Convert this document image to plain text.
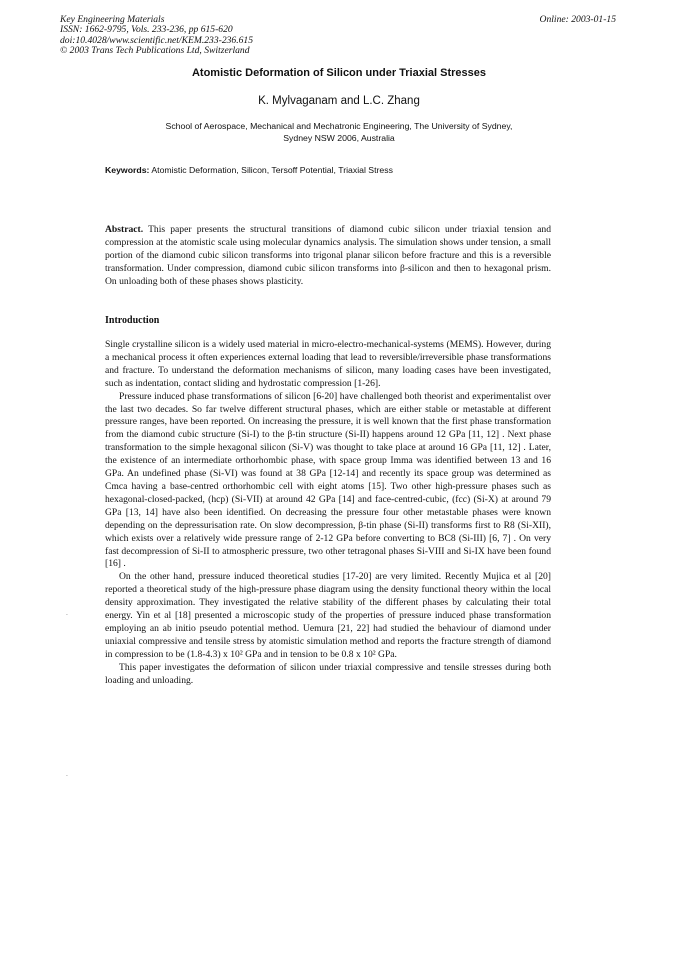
Key Engineering Materials
ISSN: 1662-9795, Vols. 233-236, pp 615-620
doi:10.4028/www.scientific.net/KEM.233-236.615
© 2003 Trans Tech Publications Ltd, Switzerland
Online: 2003-01-15
Atomistic Deformation of Silicon under Triaxial Stresses
K. Mylvaganam and L.C. Zhang
School of Aerospace, Mechanical and Mechatronic Engineering, The University of Sydney,
Sydney NSW 2006, Australia
Keywords: Atomistic Deformation, Silicon, Tersoff Potential, Triaxial Stress
Abstract. This paper presents the structural transitions of diamond cubic silicon under triaxial tension and compression at the atomistic scale using molecular dynamics analysis. The simulation shows under tension, a small portion of the diamond cubic silicon transforms into trigonal planar silicon before fracture and this is a reversible transformation. Under compression, diamond cubic silicon transforms into β-silicon and then to hexagonal prism. On unloading both of these phases shows plasticity.
Introduction

Single crystalline silicon is a widely used material in micro-electro-mechanical-systems (MEMS). However, during a mechanical process it often experiences external loading that lead to reversible/irreversible phase transformations and fracture. To understand the deformation mechanisms of silicon, many loading cases have been investigated, such as indentation, contact sliding and hydrostatic compression [1-26].

Pressure induced phase transformations of silicon [6-20] have challenged both theorist and experimentalist over the last two decades. So far twelve different structural phases, which are either stable or metastable at different pressure ranges, have been reported. On increasing the pressure, it is well known that the first phase transformation from the diamond cubic structure (Si-I) to the β-tin structure (Si-II) happens around 12 GPa [11, 12] . Next phase transformation to the simple hexagonal silicon (Si-V) was thought to take place at around 16 GPa [11, 12] . Later, the existence of an intermediate orthorhombic phase, with space group Imma was identified between 13 and 16 GPa. An undefined phase (Si-VI) was found at 38 GPa [12-14] and recently its space group was determined as Cmca having a base-centred orthorhombic cell with eight atoms [15]. Two other high-pressure phases such as hexagonal-closed-packed, (hcp) (Si-VII) at around 42 GPa [14] and face-centred-cubic, (fcc) (Si-X) at around 79 GPa [13, 14] have also been identified. On decreasing the pressure four other metastable phases were known depending on the depressurisation rate. On slow decompression, β-tin phase (Si-II) transforms first to R8 (Si-XII), which exists over a relatively wide pressure range of 2-12 GPa before converting to BC8 (Si-III) [6, 7] . On very fast decompression of Si-II to atmospheric pressure, two other tetragonal phases Si-VIII and Si-IX have been found [16] .

On the other hand, pressure induced theoretical studies [17-20] are very limited. Recently Mujica et al [20] reported a theoretical study of the high-pressure phase diagram using the density functional theory within the local density approximation. They investigated the relative stability of the different phases by calculating their total energy. Yin et al [18] presented a microscopic study of the properties of pressure induced phase transformation employing an ab initio pseudo potential method. Uemura [21, 22] had studied the behaviour of diamond under uniaxial compressive and tensile stress by atomistic simulation method and reports the fracture strength of diamond in compression to be (1.8-4.3) x 10² GPa and in tension to be 0.8 x 10² GPa.

This paper investigates the deformation of silicon under triaxial compressive and tensile stresses during both loading and unloading.

·
·
